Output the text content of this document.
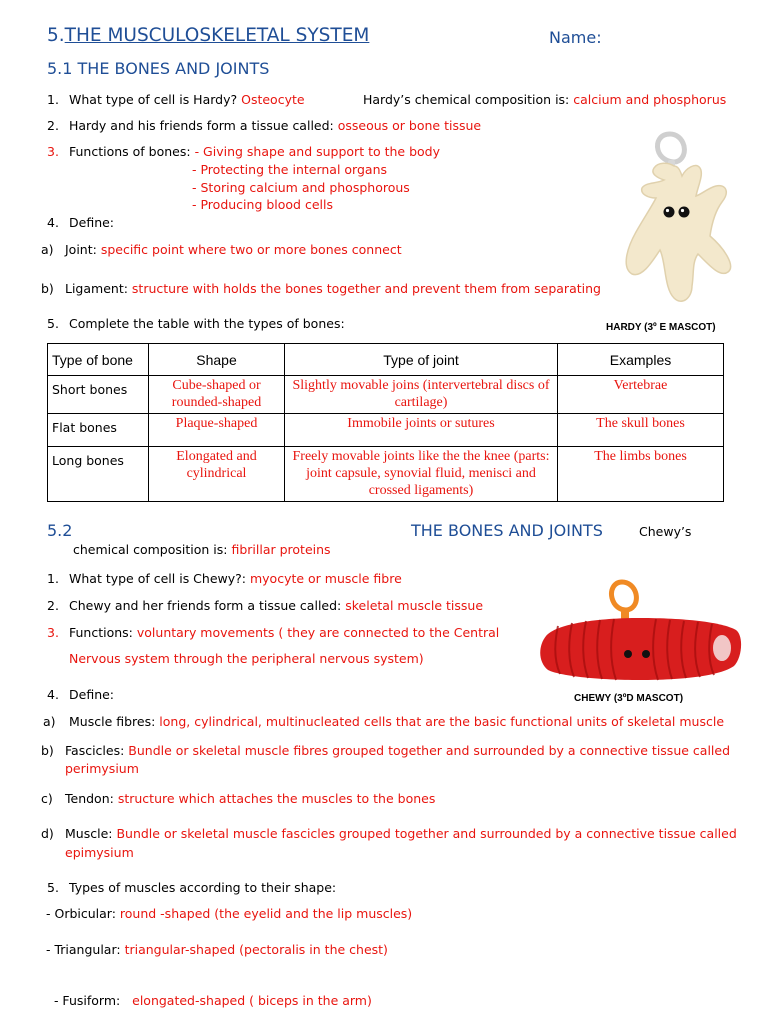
5.THE MUSCULOSKELETAL SYSTEM	Name:
5.1 THE BONES AND JOINTS
1. What type of cell is Hardy? Osteocyte	Hardy’s chemical composition is: calcium and phosphorus
2. Hardy and his friends form a tissue called: osseous or bone tissue
3. Functions of bones: - Giving shape and support to the body
- Protecting the internal organs
- Storing calcium and phosphorous
- Producing blood cells
4. Define:
a) Joint: specific point where two or more bones connect
b) Ligament: structure with holds the bones together and prevent them from separating
5. Complete the table with the types of bones:	HARDY (3º E MASCOT)
Type of bone	Shape	Type of joint	Examples
Short bones	Cube-shaped or rounded-shaped	Slightly movable joins (intervertebral discs of cartilage)	Vertebrae
Flat bones	Plaque-shaped	Immobile joints or sutures	The skull bones
Long bones	Elongated and cylindrical	Freely movable joints like the the knee (parts: joint capsule, synovial fluid, menisci and crossed ligaments)	The limbs bones
5.2	THE BONES AND JOINTS	Chewy’s
chemical composition is: fibrillar proteins
1. What type of cell is Chewy?: myocyte or muscle fibre
2. Chewy and her friends form a tissue called: skeletal muscle tissue
3. Functions: voluntary movements ( they are connected to the Central
Nervous system through the peripheral nervous system)
CHEWY (3ºD MASCOT)
4. Define:
a) Muscle fibres: long, cylindrical, multinucleated cells that are the basic functional units of skeletal muscle
b) Fascicles: Bundle or skeletal muscle fibres grouped together and surrounded by a connective tissue called
perimysium
c) Tendon: structure which attaches the muscles to the bones
d) Muscle: Bundle or skeletal muscle fascicles grouped together and surrounded by a connective tissue called
epimysium
5. Types of muscles according to their shape:
- Orbicular: round -shaped (the eyelid and the lip muscles)
- Triangular: triangular-shaped (pectoralis in the chest)

- Fusiform:   elongated-shaped ( biceps in the arm)
